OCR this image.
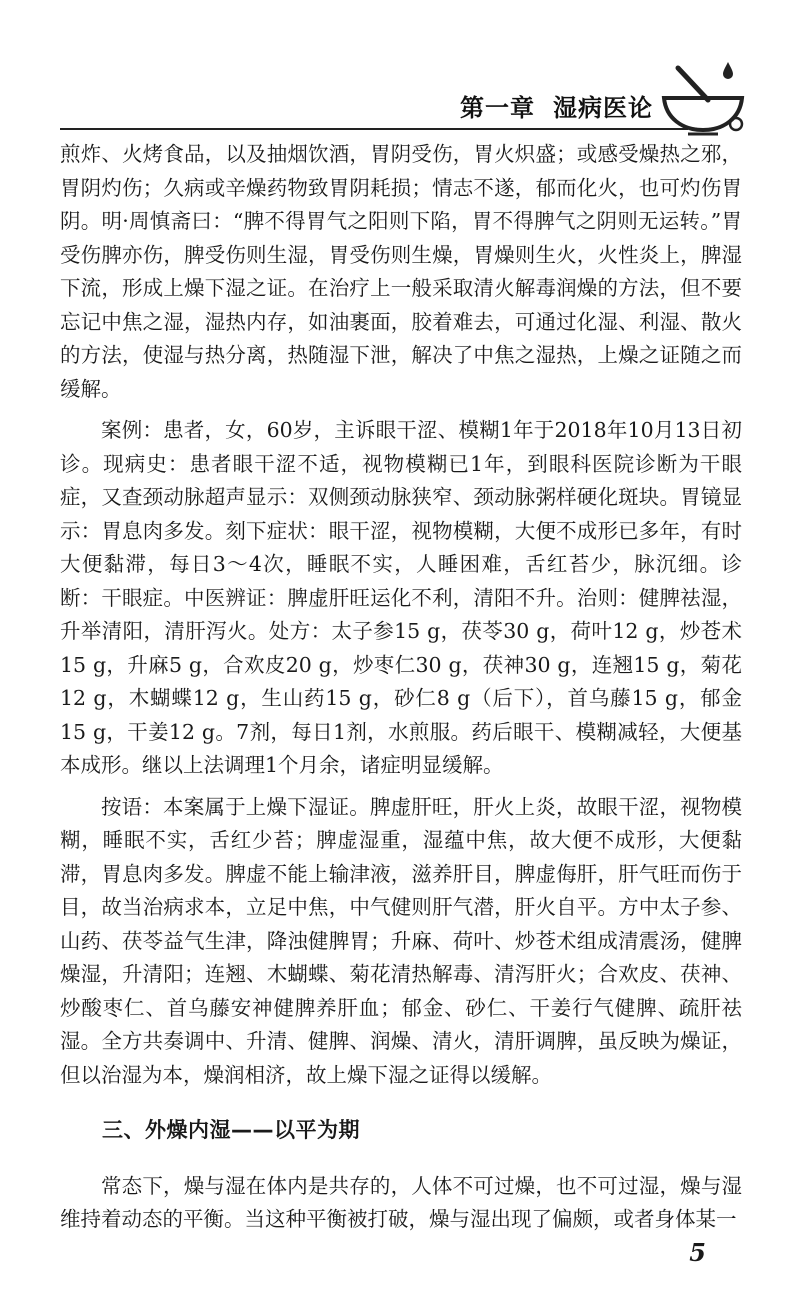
第一章 湿病医论

煎炸、火烤食品，以及抽烟饮酒，胃阴受伤，胃火炽盛；或感受燥热之邪，胃阴灼伤；久病或辛燥药物致胃阴耗损；情志不遂，郁而化火，也可灼伤胃阴。明·周慎斋曰：“脾不得胃气之阳则下陷，胃不得脾气之阴则无运转。”胃受伤脾亦伤，脾受伤则生湿，胃受伤则生燥，胃燥则生火，火性炎上，脾湿下流，形成上燥下湿之证。在治疗上一般采取清火解毒润燥的方法，但不要忘记中焦之湿，湿热内存，如油裹面，胶着难去，可通过化湿、利湿、散火的方法，使湿与热分离，热随湿下泄，解决了中焦之湿热，上燥之证随之而缓解。

案例：患者，女，60岁，主诉眼干涩、模糊1年于2018年10月13日初诊。现病史：患者眼干涩不适，视物模糊已1年，到眼科医院诊断为干眼症，又查颈动脉超声显示：双侧颈动脉狭窄、颈动脉粥样硬化斑块。胃镜显示：胃息肉多发。刻下症状：眼干涩，视物模糊，大便不成形已多年，有时大便黏滞，每日3～4次，睡眠不实，人睡困难，舌红苔少，脉沉细。诊断：干眼症。中医辨证：脾虚肝旺运化不利，清阳不升。治则：健脾祛湿，升举清阳，清肝泻火。处方：太子参15 g，茯苓30 g，荷叶12 g，炒苍术15 g，升麻5 g，合欢皮20 g，炒枣仁30 g，茯神30 g，连翘15 g，菊花12 g，木蝴蝶12 g，生山药15 g，砂仁8 g（后下），首乌藤15 g，郁金15 g，干姜12 g。7剂，每日1剂，水煎服。药后眼干、模糊减轻，大便基本成形。继以上法调理1个月余，诸症明显缓解。

按语：本案属于上燥下湿证。脾虚肝旺，肝火上炎，故眼干涩，视物模糊，睡眠不实，舌红少苔；脾虚湿重，湿蕴中焦，故大便不成形，大便黏滞，胃息肉多发。脾虚不能上输津液，滋养肝目，脾虚侮肝，肝气旺而伤于目，故当治病求本，立足中焦，中气健则肝气潜，肝火自平。方中太子参、山药、茯苓益气生津，降浊健脾胃；升麻、荷叶、炒苍术组成清震汤，健脾燥湿，升清阳；连翘、木蝴蝶、菊花清热解毒、清泻肝火；合欢皮、茯神、炒酸枣仁、首乌藤安神健脾养肝血；郁金、砂仁、干姜行气健脾、疏肝祛湿。全方共奏调中、升清、健脾、润燥、清火，清肝调脾，虽反映为燥证，但以治湿为本，燥润相济，故上燥下湿之证得以缓解。

三、外燥内湿——以平为期

常态下，燥与湿在体内是共存的，人体不可过燥，也不可过湿，燥与湿维持着动态的平衡。当这种平衡被打破，燥与湿出现了偏颇，或者身体某一

5
